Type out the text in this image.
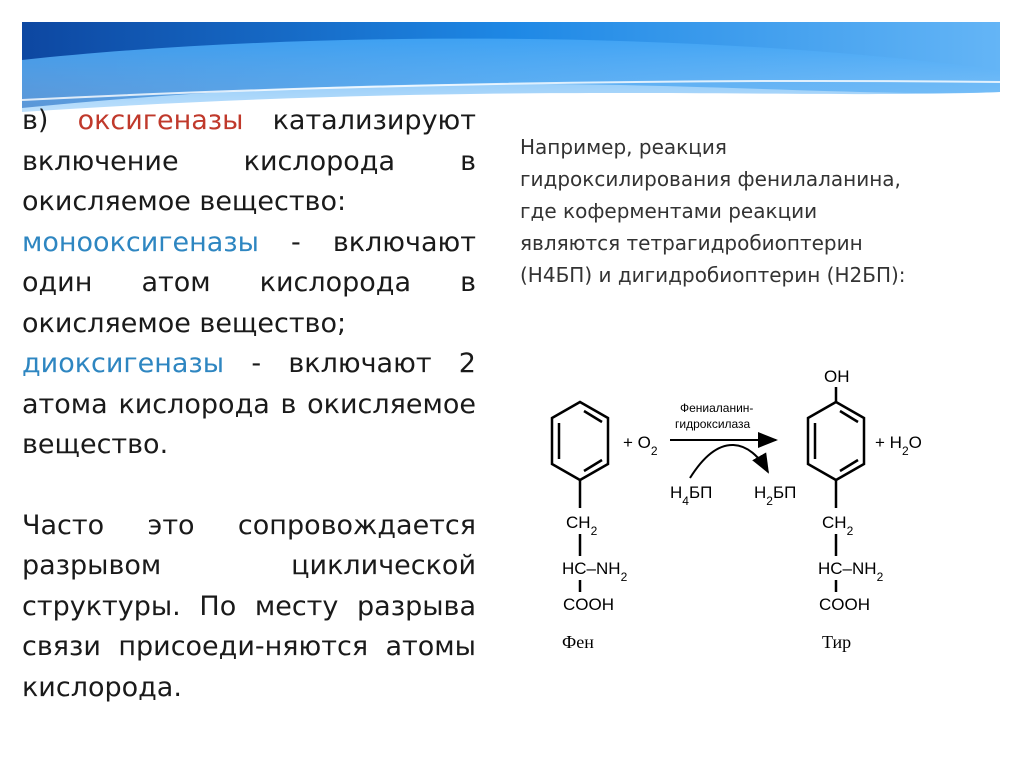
в) оксигеназы катализируют включение кислорода в окисляемое вещество:

монооксигеназы - включают один атом кислорода в окисляемое вещество;

диоксигеназы - включают 2 атома кислорода в окисляемое вещество.

Часто это сопровождается разрывом циклической структуры. По месту разрыва связи присоеди-няются атомы кислорода.

Например, реакция

гидроксилирования фенилаланина,

где коферментами реакции

являются тетрагидробиоптерин

(Н4БП) и дигидробиоптерин (Н2БП):

+ $O_2$
$CH_2$
$HC-NH_2$
COOH
Фен
Фениаланин-
гидроксилаза
$H_4БП$ $H_2БП$
OH
+ $H_2O$
$CH_2$
$HC-NH_2$
COOH
Тир
